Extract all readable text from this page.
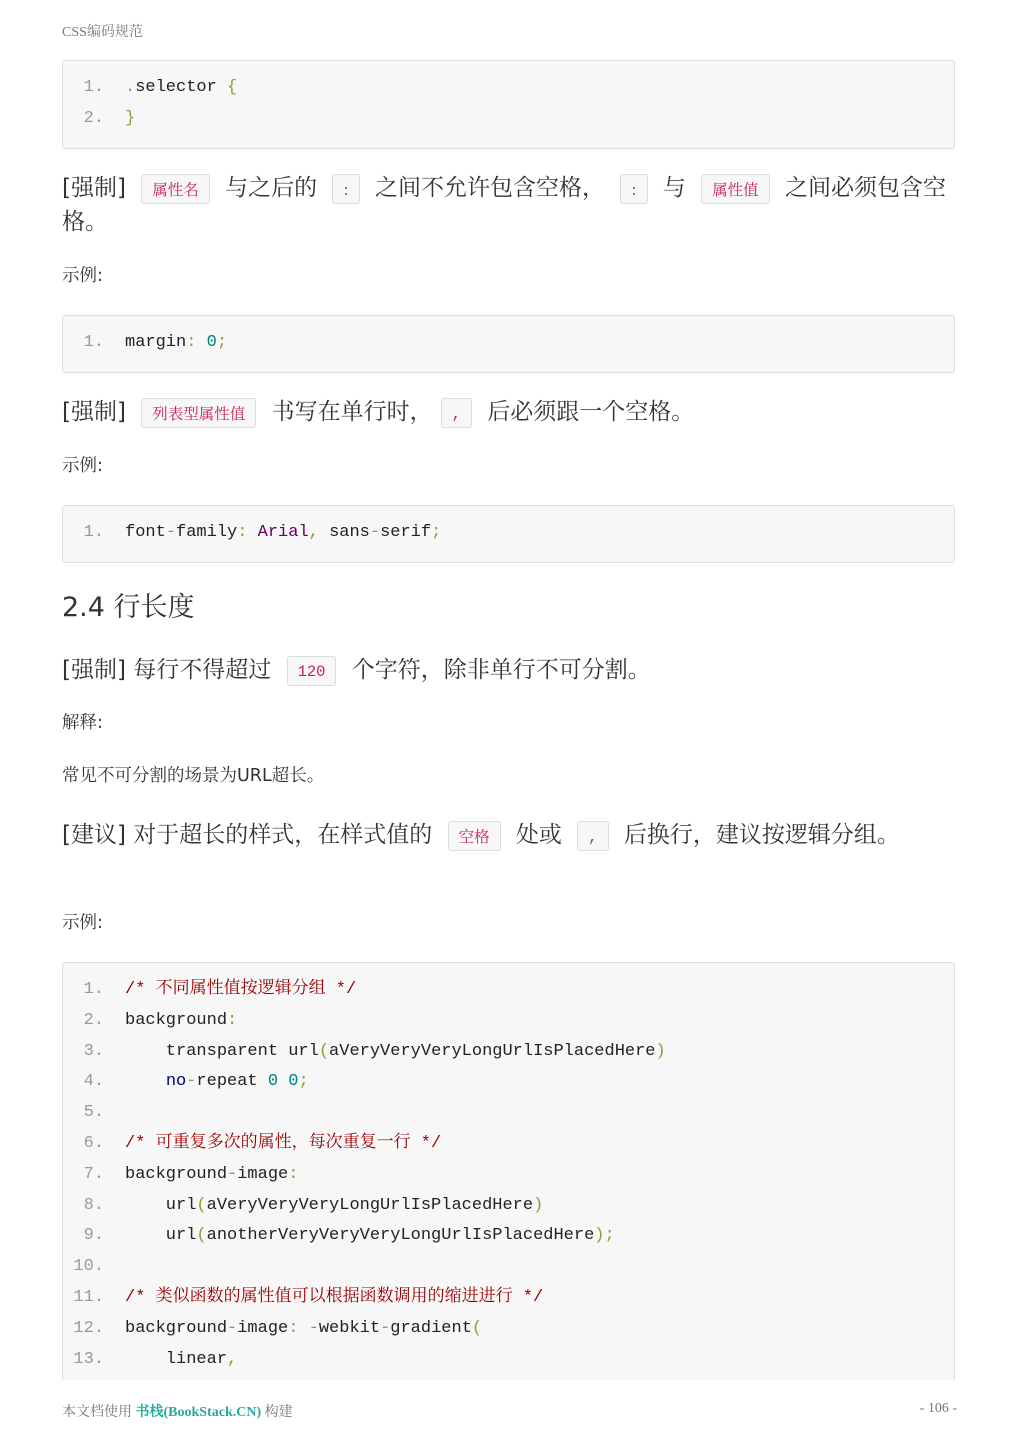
CSS编码规范
1. .selector {
2. }
[强制] 属性名 与之后的 : 之间不允许包含空格， : 与 属性值 之间必须包含空格。
示例:
1. margin: 0;
[强制] 列表型属性值 书写在单行时， , 后必须跟一个空格。
示例:
1. font-family: Arial, sans-serif;
2.4 行长度
[强制] 每行不得超过 120 个字符，除非单行不可分割。
解释:
常见不可分割的场景为URL超长。
[建议] 对于超长的样式，在样式值的 空格 处或 , 后换行，建议按逻辑分组。
示例:
1. /* 不同属性值按逻辑分组 */
2. background:
3. transparent url(aVeryVeryVeryLongUrlIsPlacedHere)
4.	no-repeat 0 0;
5.
6. /* 可重复多次的属性，每次重复一行 */
7. background-image:
8. url(aVeryVeryVeryLongUrlIsPlacedHere)
9. url(anotherVeryVeryVeryLongUrlIsPlacedHere);
10.
11. /* 类似函数的属性值可以根据函数调用的缩进进行 */
12. background-image: -webkit-gradient(
13. linear,
本文档使用 书栈(BookStack.CN) 构建	- 106 -
